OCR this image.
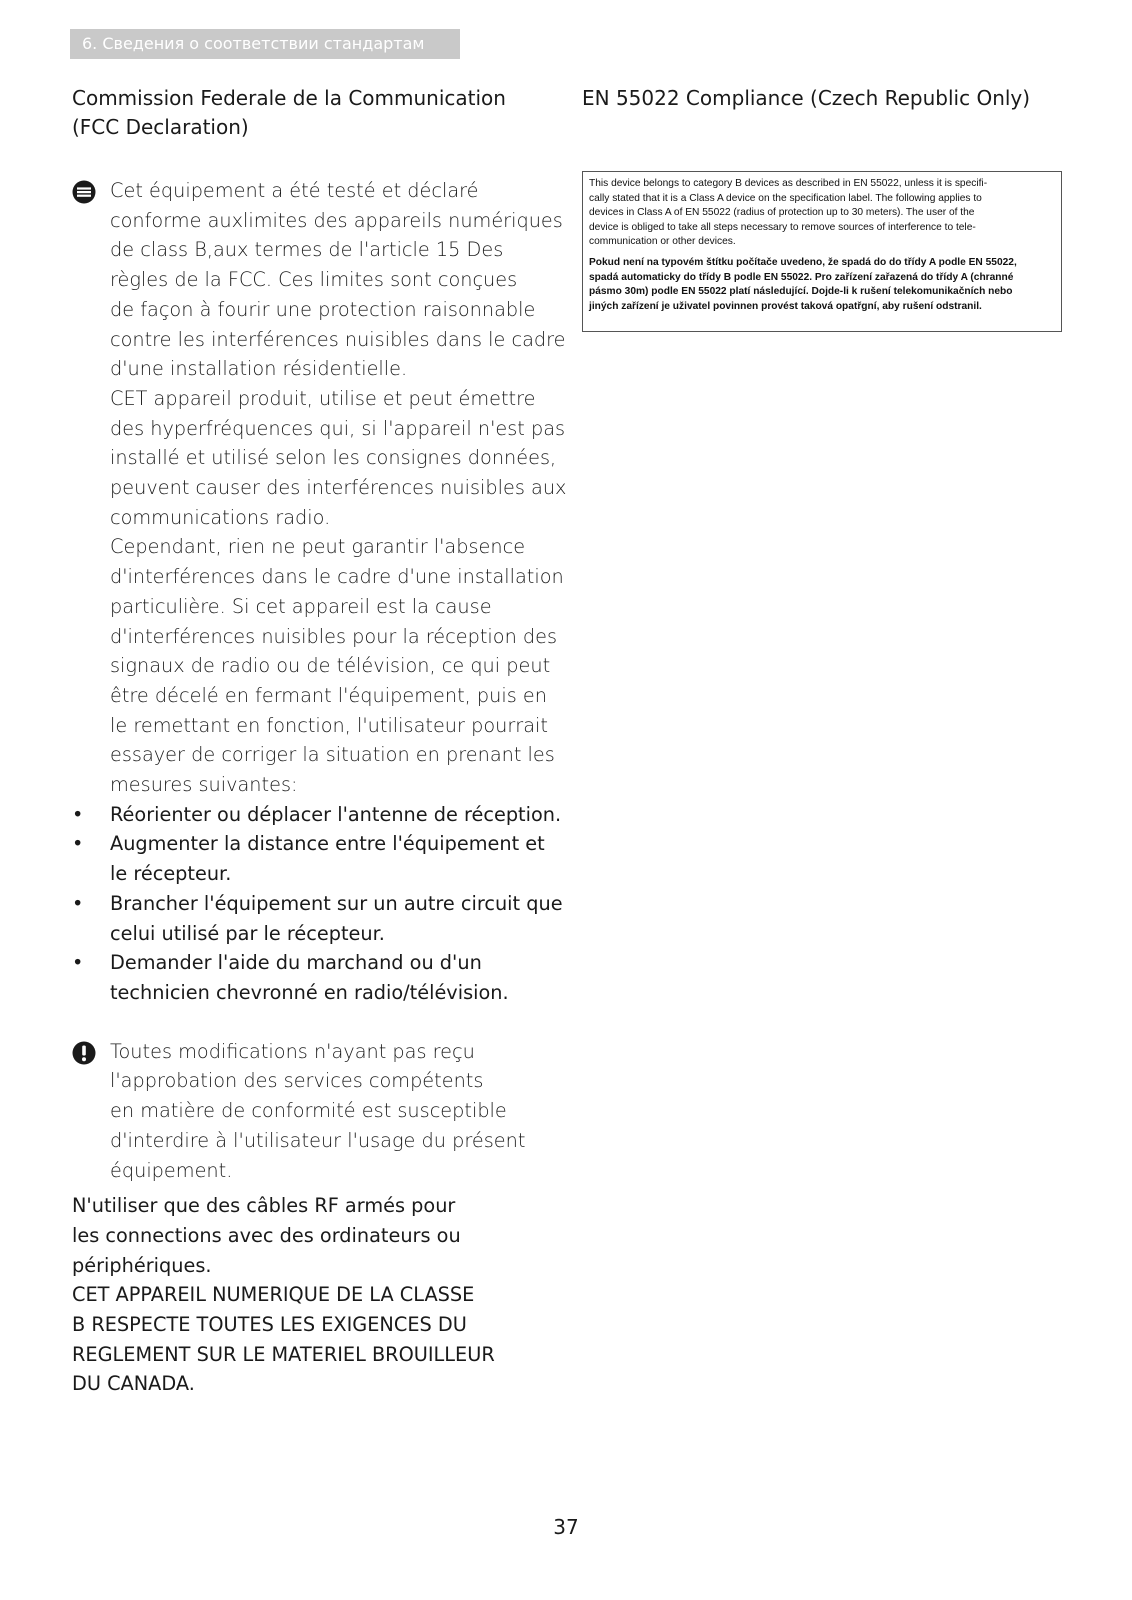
6. Сведения о соответствии стандартам
Commission Federale de la Communication
(FCC Declaration)
Cet équipement a été testé et déclaré
conforme auxlimites des appareils numériques
de class B,aux termes de l'article 15 Des
règles de la FCC. Ces limites sont conçues
de façon à fourir une protection raisonnable
contre les interférences nuisibles dans le cadre
d'une installation résidentielle.
CET appareil produit, utilise et peut émettre
des hyperfréquences qui, si l'appareil n'est pas
installé et utilisé selon les consignes données,
peuvent causer des interférences nuisibles aux
communications radio.
Cependant, rien ne peut garantir l'absence
d'interférences dans le cadre d'une installation
particulière. Si cet appareil est la cause
d'interférences nuisibles pour la réception des
signaux de radio ou de télévision, ce qui peut
être décelé en fermant l'équipement, puis en
le remettant en fonction, l'utilisateur pourrait
essayer de corriger la situation en prenant les
mesures suivantes:
• Réorienter ou déplacer l'antenne de réception.
• Augmenter la distance entre l'équipement et
le récepteur.
• Brancher l'équipement sur un autre circuit que
celui utilisé par le récepteur.
• Demander l'aide du marchand ou d'un
technicien chevronné en radio/télévision.
Toutes modifications n'ayant pas reçu
l'approbation des services compétents
en matière de conformité est susceptible
d'interdire à l'utilisateur l'usage du présent
équipement.
N'utiliser que des câbles RF armés pour
les connections avec des ordinateurs ou
périphériques.
CET APPAREIL NUMERIQUE DE LA CLASSE
B RESPECTE TOUTES LES EXIGENCES DU
REGLEMENT SUR LE MATERIEL BROUILLEUR
DU CANADA.
EN 55022 Compliance (Czech Republic Only)

This device belongs to category B devices as described in EN 55022, unless it is specifi-
cally stated that it is a Class A device on the specification label. The following applies to
devices in Class A of EN 55022 (radius of protection up to 30 meters). The user of the
device is obliged to take all steps necessary to remove sources of interference to tele-
communication or other devices.

Pokud není na typovém štítku počítače uvedeno, že spadá do do třídy A podle EN 55022,
spadá automaticky do třídy B podle EN 55022. Pro zařízení zařazená do třídy A (chranné
pásmo 30m) podle EN 55022 platí následující. Dojde-li k rušení telekomunikačních nebo
jiných zařízení je uživatel povinnen provést taková opatřgní, aby rušení odstranil.

37
